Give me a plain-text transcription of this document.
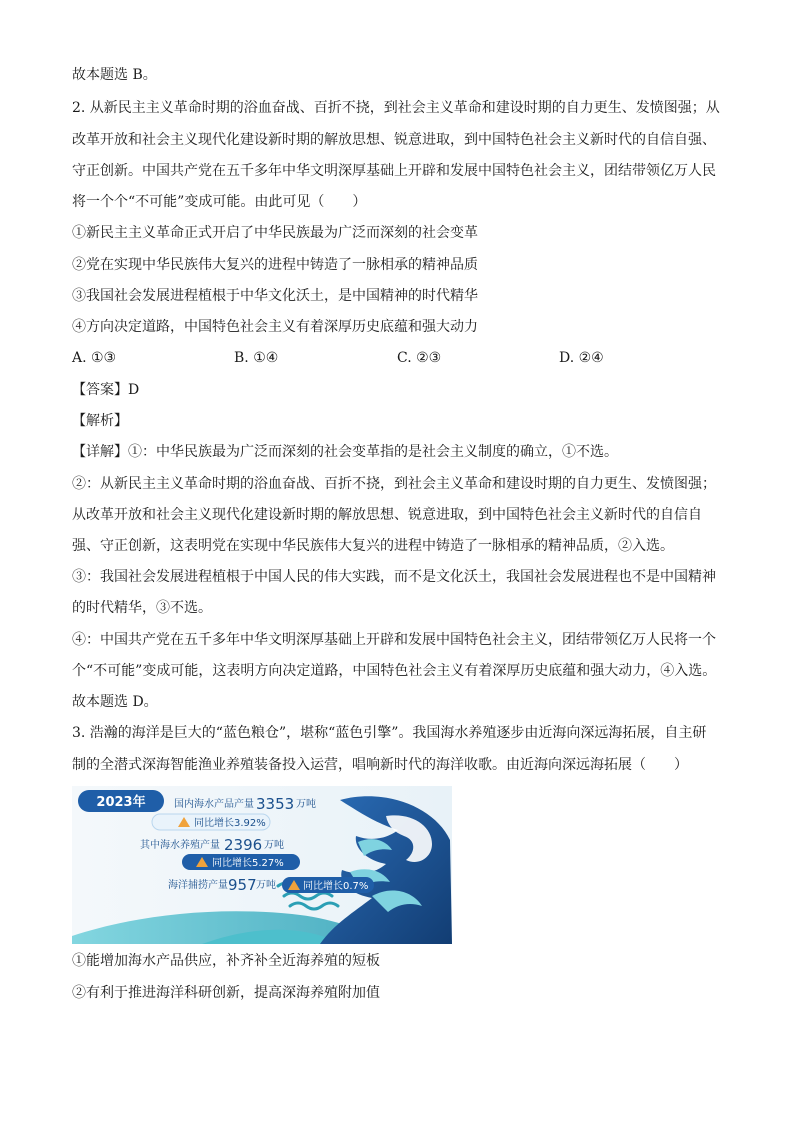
故本题选 B。
2. 从新民主主义革命时期的浴血奋战、百折不挠，到社会主义革命和建设时期的自力更生、发愤图强；从
改革开放和社会主义现代化建设新时期的解放思想、锐意进取，到中国特色社会主义新时代的自信自强、
守正创新。中国共产党在五千多年中华文明深厚基础上开辟和发展中国特色社会主义，团结带领亿万人民
将一个个“不可能”变成可能。由此可见（　　）
①新民主主义革命正式开启了中华民族最为广泛而深刻的社会变革
②党在实现中华民族伟大复兴的进程中铸造了一脉相承的精神品质
③我国社会发展进程植根于中华文化沃土，是中国精神的时代精华
④方向决定道路，中国特色社会主义有着深厚历史底蕴和强大动力
A. ①③	B. ①④	C. ②③	D. ②④
【答案】D
【解析】
【详解】①：中华民族最为广泛而深刻的社会变革指的是社会主义制度的确立，①不选。
②：从新民主主义革命时期的浴血奋战、百折不挠，到社会主义革命和建设时期的自力更生、发愤图强；
从改革开放和社会主义现代化建设新时期的解放思想、锐意进取，到中国特色社会主义新时代的自信自
强、守正创新，这表明党在实现中华民族伟大复兴的进程中铸造了一脉相承的精神品质，②入选。
③：我国社会发展进程植根于中国人民的伟大实践，而不是文化沃土，我国社会发展进程也不是中国精神
的时代精华，③不选。
④：中国共产党在五千多年中华文明深厚基础上开辟和发展中国特色社会主义，团结带领亿万人民将一个
个“不可能”变成可能，这表明方向决定道路，中国特色社会主义有着深厚历史底蕴和强大动力，④入选。
故本题选 D。
3. 浩瀚的海洋是巨大的“蓝色粮仓”，堪称“蓝色引擎”。我国海水养殖逐步由近海向深远海拓展，自主研
制的全潜式深海智能渔业养殖装备投入运营，唱响新时代的海洋收歌。由近海向深远海拓展（　　）
2023年	国内海水产品产量 3353 万吨
同比增长3.92%
其中海水养殖产量 2396 万吨
同比增长5.27%
海洋捕捞产量 957 万吨	同比增长0.7%
①能增加海水产品供应，补齐补全近海养殖的短板
②有利于推进海洋科研创新，提高深海养殖附加值
